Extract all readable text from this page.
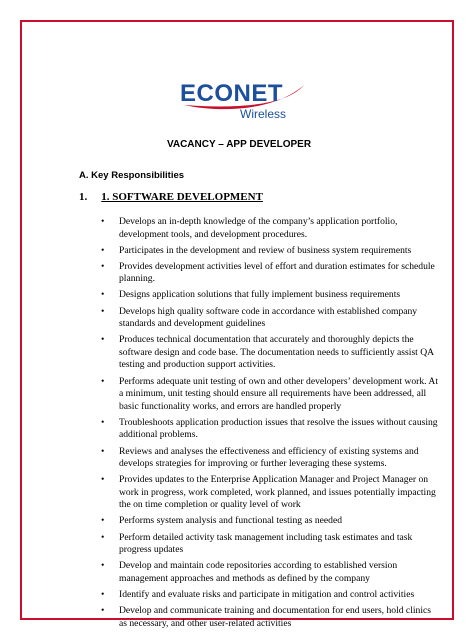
ECONET
Wireless
VACANCY – APP DEVELOPER
A. Key Responsibilities
1. 1. SOFTWARE DEVELOPMENT
• Develops an in-depth knowledge of the company’s application portfolio, development tools, and development procedures.
• Participates in the development and review of business system requirements
• Provides development activities level of effort and duration estimates for schedule planning.
• Designs application solutions that fully implement business requirements
• Develops high quality software code in accordance with established company standards and development guidelines
• Produces technical documentation that accurately and thoroughly depicts the software design and code base. The documentation needs to sufficiently assist QA testing and production support activities.
• Performs adequate unit testing of own and other developers’ development work. At a minimum, unit testing should ensure all requirements have been addressed, all basic functionality works, and errors are handled properly
• Troubleshoots application production issues that resolve the issues without causing additional problems.
• Reviews and analyses the effectiveness and efficiency of existing systems and develops strategies for improving or further leveraging these systems.
• Provides updates to the Enterprise Application Manager and Project Manager on work in progress, work completed, work planned, and issues potentially impacting the on time completion or quality level of work
• Performs system analysis and functional testing as needed
• Perform detailed activity task management including task estimates and task progress updates
• Develop and maintain code repositories according to established version management approaches and methods as defined by the company
• Identify and evaluate risks and participate in mitigation and control activities
• Develop and communicate training and documentation for end users, hold clinics as necessary, and other user-related activities
